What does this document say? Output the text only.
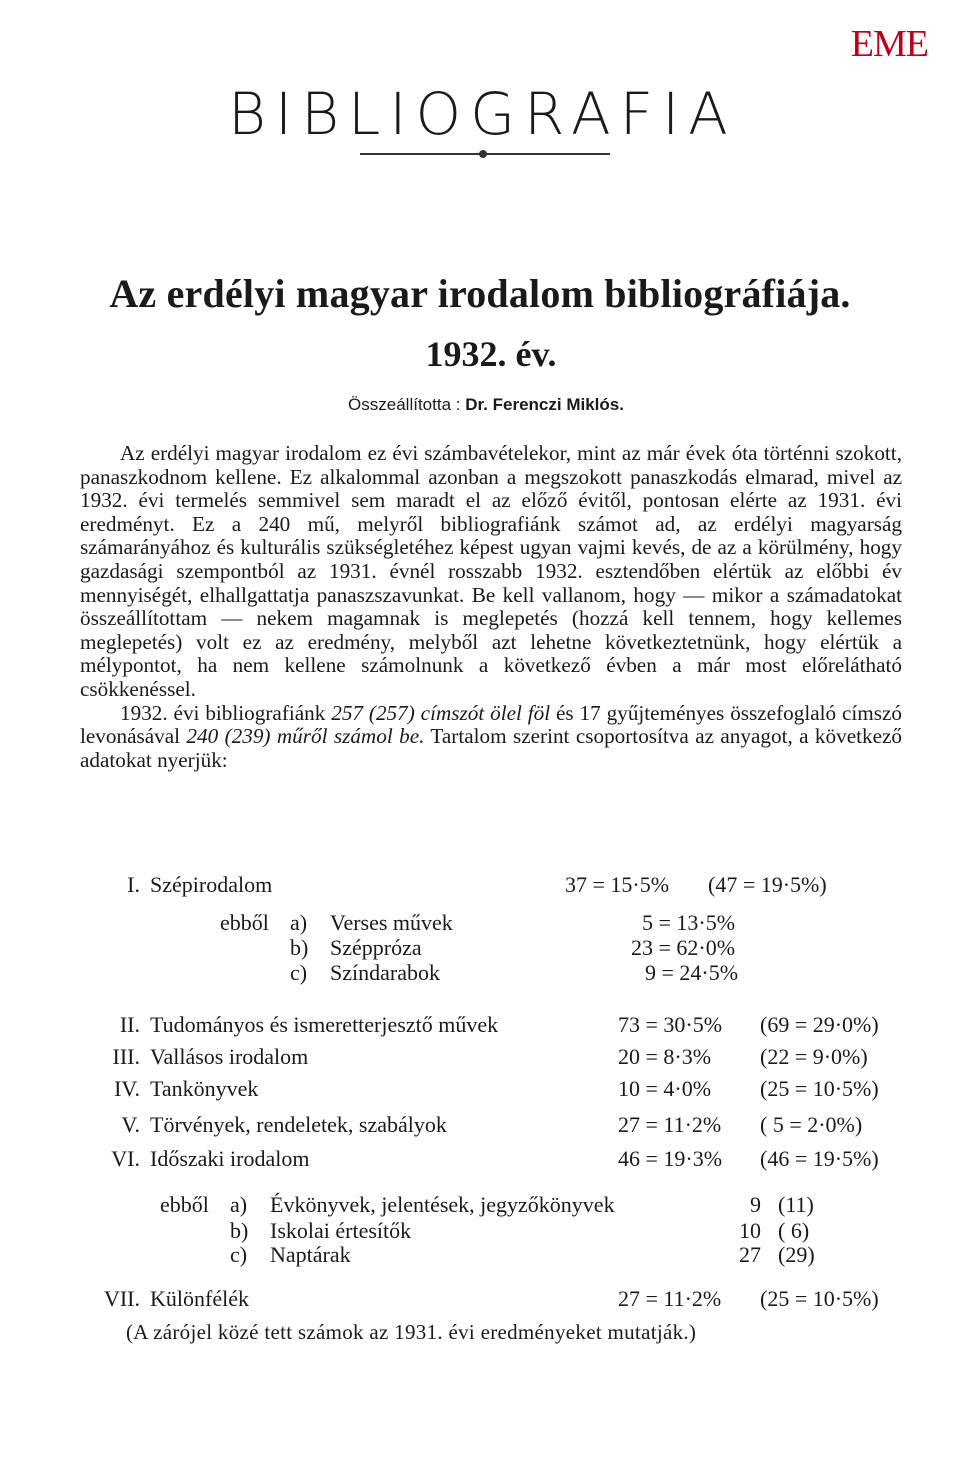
EME
BIBLIOGRAFIA
Az erdélyi magyar irodalom bibliográfiája.
1932. év.
Összeállította : Dr. Ferenczi Miklós.

Az erdélyi magyar irodalom ez évi számbavételekor, mint az már évek óta történni szokott, panaszkodnom kellene. Ez alkalommal azonban a megszokott panaszkodás elmarad, mivel az 1932. évi termelés semmivel sem maradt el az előző évitől, pontosan elérte az 1931. évi eredményt. Ez a 240 mű, melyről bibliografiánk számot ad, az erdélyi magyarság számarányához és kulturális szükségletéhez képest ugyan vajmi kevés, de az a körülmény, hogy gazdasági szempontból az 1931. évnél rosszabb 1932. esztendőben elértük az előbbi év mennyiségét, elhallgattatja panaszszavunkat. Be kell vallanom, hogy — mikor a számadatokat összeállítottam — nekem magamnak is meglepetés (hozzá kell tennem, hogy kellemes meglepetés) volt ez az eredmény, melyből azt lehetne következtetnünk, hogy elértük a mélypontot, ha nem kellene számolnunk a következő évben a már most előrelátható csökkenéssel.

1932. évi bibliografiánk 257 (257) címszót ölel föl és 17 gyűjteményes összefoglaló címszó levonásával 240 (239) műről számol be. Tartalom szerint csoportosítva az anyagot, a következő adatokat nyerjük:

I. Szépirodalom	37 = 15·5% (47 = 19·5%)
ebből a) Verses művek	5 = 13·5%
b) Széppróza	23 = 62·0%
c) Színdarabok	9 = 24·5%
II. Tudományos és ismeretterjesztő művek	73 = 30·5% (69 = 29·0%)
III. Vallásos irodalom	20 = 8·3% (22 = 9·0%)
IV. Tankönyvek	10 = 4·0% (25 = 10·5%)
V. Törvények, rendeletek, szabályok	27 = 11·2% ( 5 = 2·0%)
VI. Időszaki irodalom	46 = 19·3% (46 = 19·5%)
ebből a) Évkönyvek, jelentések, jegyzőkönyvek	9 (11)
b) Iskolai értesítők	10 ( 6)
c) Naptárak	27 (29)
VII. Különfélék	27 = 11·2% (25 = 10·5%)
(A zárójel közé tett számok az 1931. évi eredményeket mutatják.)
